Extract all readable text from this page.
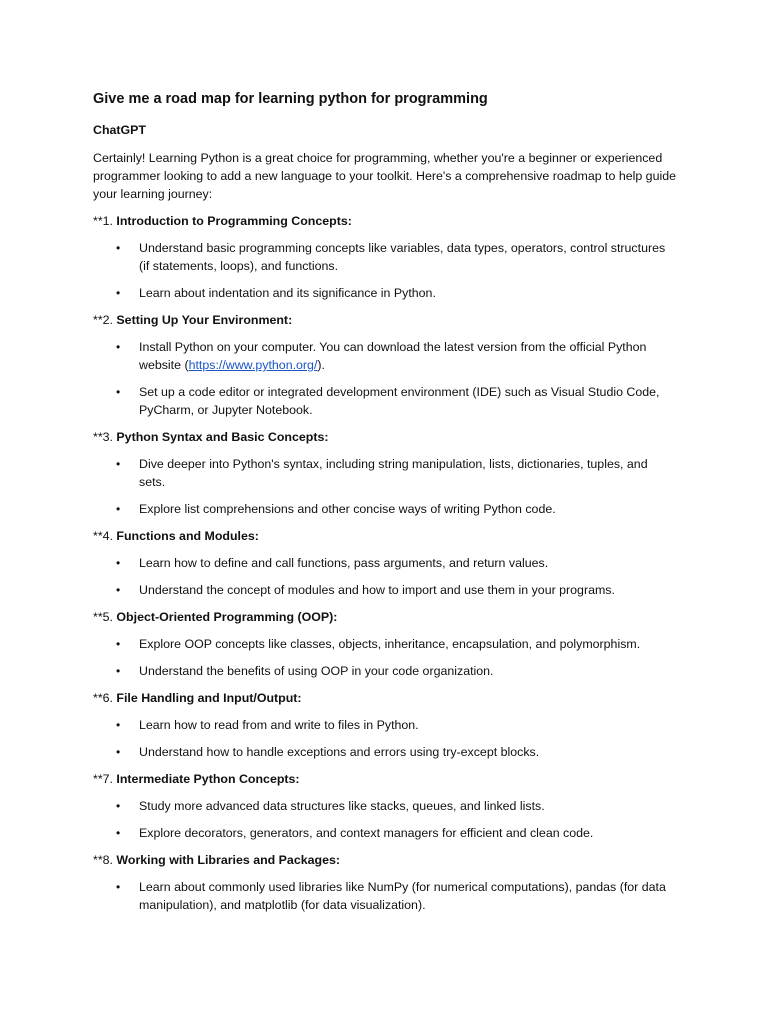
Give me a road map for learning python for programming
ChatGPT
Certainly! Learning Python is a great choice for programming, whether you're a beginner or experienced programmer looking to add a new language to your toolkit. Here's a comprehensive roadmap to help guide your learning journey:
**1. Introduction to Programming Concepts:
• Understand basic programming concepts like variables, data types, operators, control structures (if statements, loops), and functions.
• Learn about indentation and its significance in Python.
**2. Setting Up Your Environment:
• Install Python on your computer. You can download the latest version from the official Python website (https://www.python.org/).
• Set up a code editor or integrated development environment (IDE) such as Visual Studio Code, PyCharm, or Jupyter Notebook.
**3. Python Syntax and Basic Concepts:
• Dive deeper into Python's syntax, including string manipulation, lists, dictionaries, tuples, and sets.
• Explore list comprehensions and other concise ways of writing Python code.
**4. Functions and Modules:
• Learn how to define and call functions, pass arguments, and return values.
• Understand the concept of modules and how to import and use them in your programs.
**5. Object-Oriented Programming (OOP):
• Explore OOP concepts like classes, objects, inheritance, encapsulation, and polymorphism.
• Understand the benefits of using OOP in your code organization.
**6. File Handling and Input/Output:
• Learn how to read from and write to files in Python.
• Understand how to handle exceptions and errors using try-except blocks.
**7. Intermediate Python Concepts:
• Study more advanced data structures like stacks, queues, and linked lists.
• Explore decorators, generators, and context managers for efficient and clean code.
**8. Working with Libraries and Packages:
• Learn about commonly used libraries like NumPy (for numerical computations), pandas (for data manipulation), and matplotlib (for data visualization).
